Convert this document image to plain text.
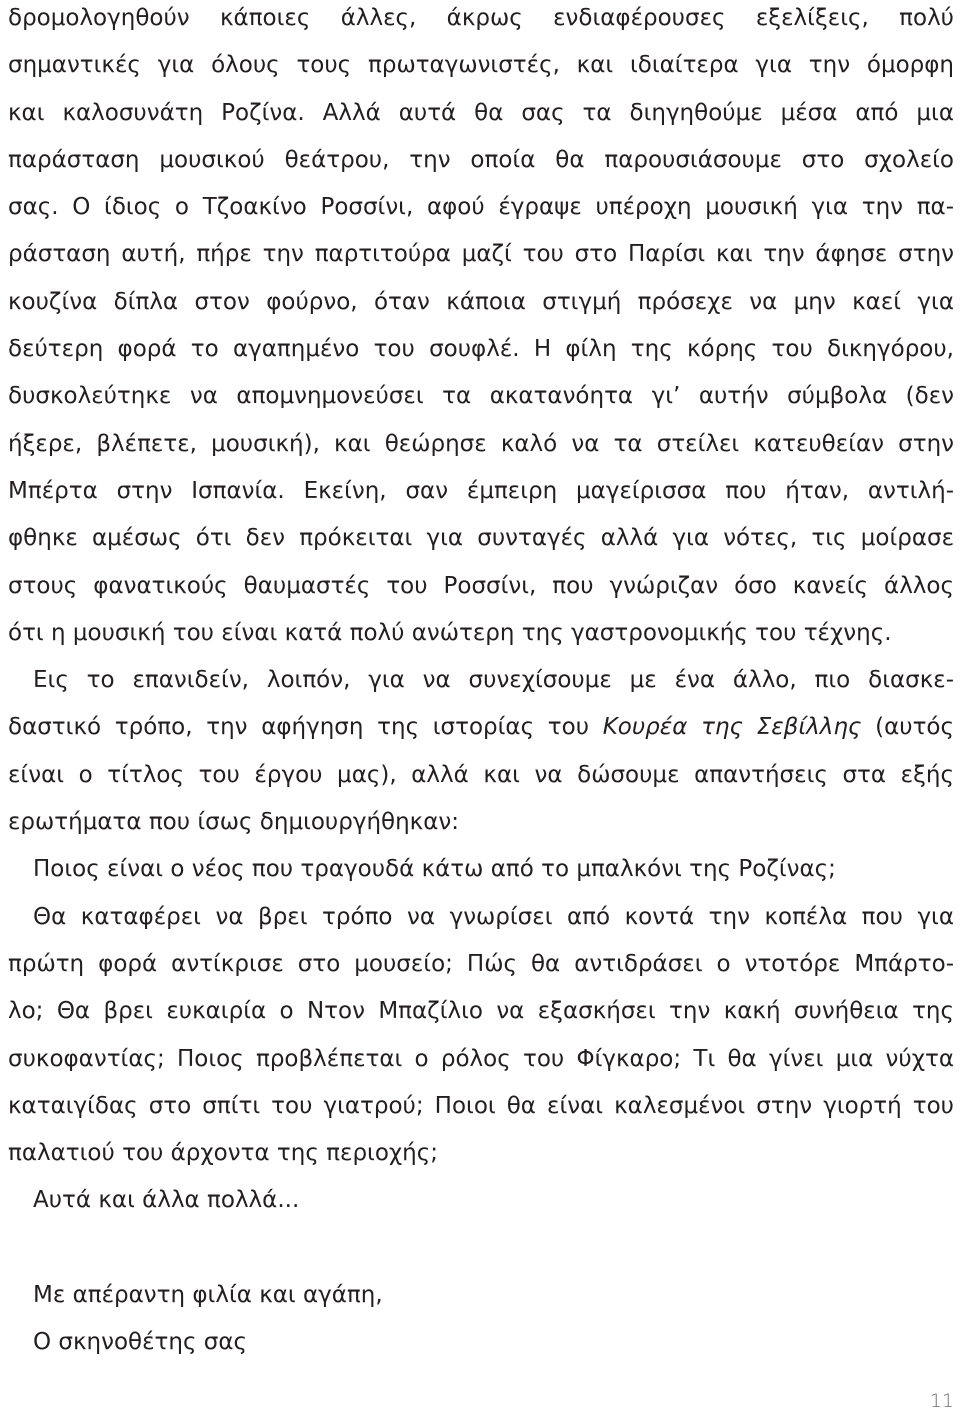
δρομολογηθούν κάποιες άλλες, άκρως ενδιαφέρουσες εξελίξεις, πολύ
σημαντικές για όλους τους πρωταγωνιστές, και ιδιαίτερα για την όμορφη
και καλοσυνάτη Ροζίνα. Αλλά αυτά θα σας τα διηγηθούμε μέσα από μια
παράσταση μουσικού θεάτρου, την οποία θα παρουσιάσουμε στο σχολείο
σας. Ο ίδιος ο Τζοακίνο Ροσσίνι, αφού έγραψε υπέροχη μουσική για την πα-
ράσταση αυτή, πήρε την παρτιτούρα μαζί του στο Παρίσι και την άφησε στην
κουζίνα δίπλα στον φούρνο, όταν κάποια στιγμή πρόσεχε να μην καεί για
δεύτερη φορά το αγαπημένο του σουφλέ. Η φίλη της κόρης του δικηγόρου,
δυσκολεύτηκε να απομνημονεύσει τα ακατανόητα γι’ αυτήν σύμβολα (δεν
ήξερε, βλέπετε, μουσική), και θεώρησε καλό να τα στείλει κατευθείαν στην
Μπέρτα στην Ισπανία. Εκείνη, σαν έμπειρη μαγείρισσα που ήταν, αντιλή-
φθηκε αμέσως ότι δεν πρόκειται για συνταγές αλλά για νότες, τις μοίρασε
στους φανατικούς θαυμαστές του Ροσσίνι, που γνώριζαν όσο κανείς άλλος
ότι η μουσική του είναι κατά πολύ ανώτερη της γαστρονομικής του τέχνης.
Εις το επανιδείν, λοιπόν, για να συνεχίσουμε με ένα άλλο, πιο διασκε-
δαστικό τρόπο, την αφήγηση της ιστορίας του Κουρέα της Σεβίλλης (αυτός
είναι ο τίτλος του έργου μας), αλλά και να δώσουμε απαντήσεις στα εξής
ερωτήματα που ίσως δημιουργήθηκαν:
Ποιος είναι ο νέος που τραγουδά κάτω από το μπαλκόνι της Ροζίνας;
Θα καταφέρει να βρει τρόπο να γνωρίσει από κοντά την κοπέλα που για
πρώτη φορά αντίκρισε στο μουσείο; Πώς θα αντιδράσει ο ντοτόρε Μπάρτο-
λο; Θα βρει ευκαιρία ο Ντον Μπαζίλιο να εξασκήσει την κακή συνήθεια της
συκοφαντίας; Ποιος προβλέπεται ο ρόλος του Φίγκαρο; Τι θα γίνει μια νύχτα
καταιγίδας στο σπίτι του γιατρού; Ποιοι θα είναι καλεσμένοι στην γιορτή του
παλατιού του άρχοντα της περιοχής;
Αυτά και άλλα πολλά...

Με απέραντη φιλία και αγάπη,

Ο σκηνοθέτης σας

11
